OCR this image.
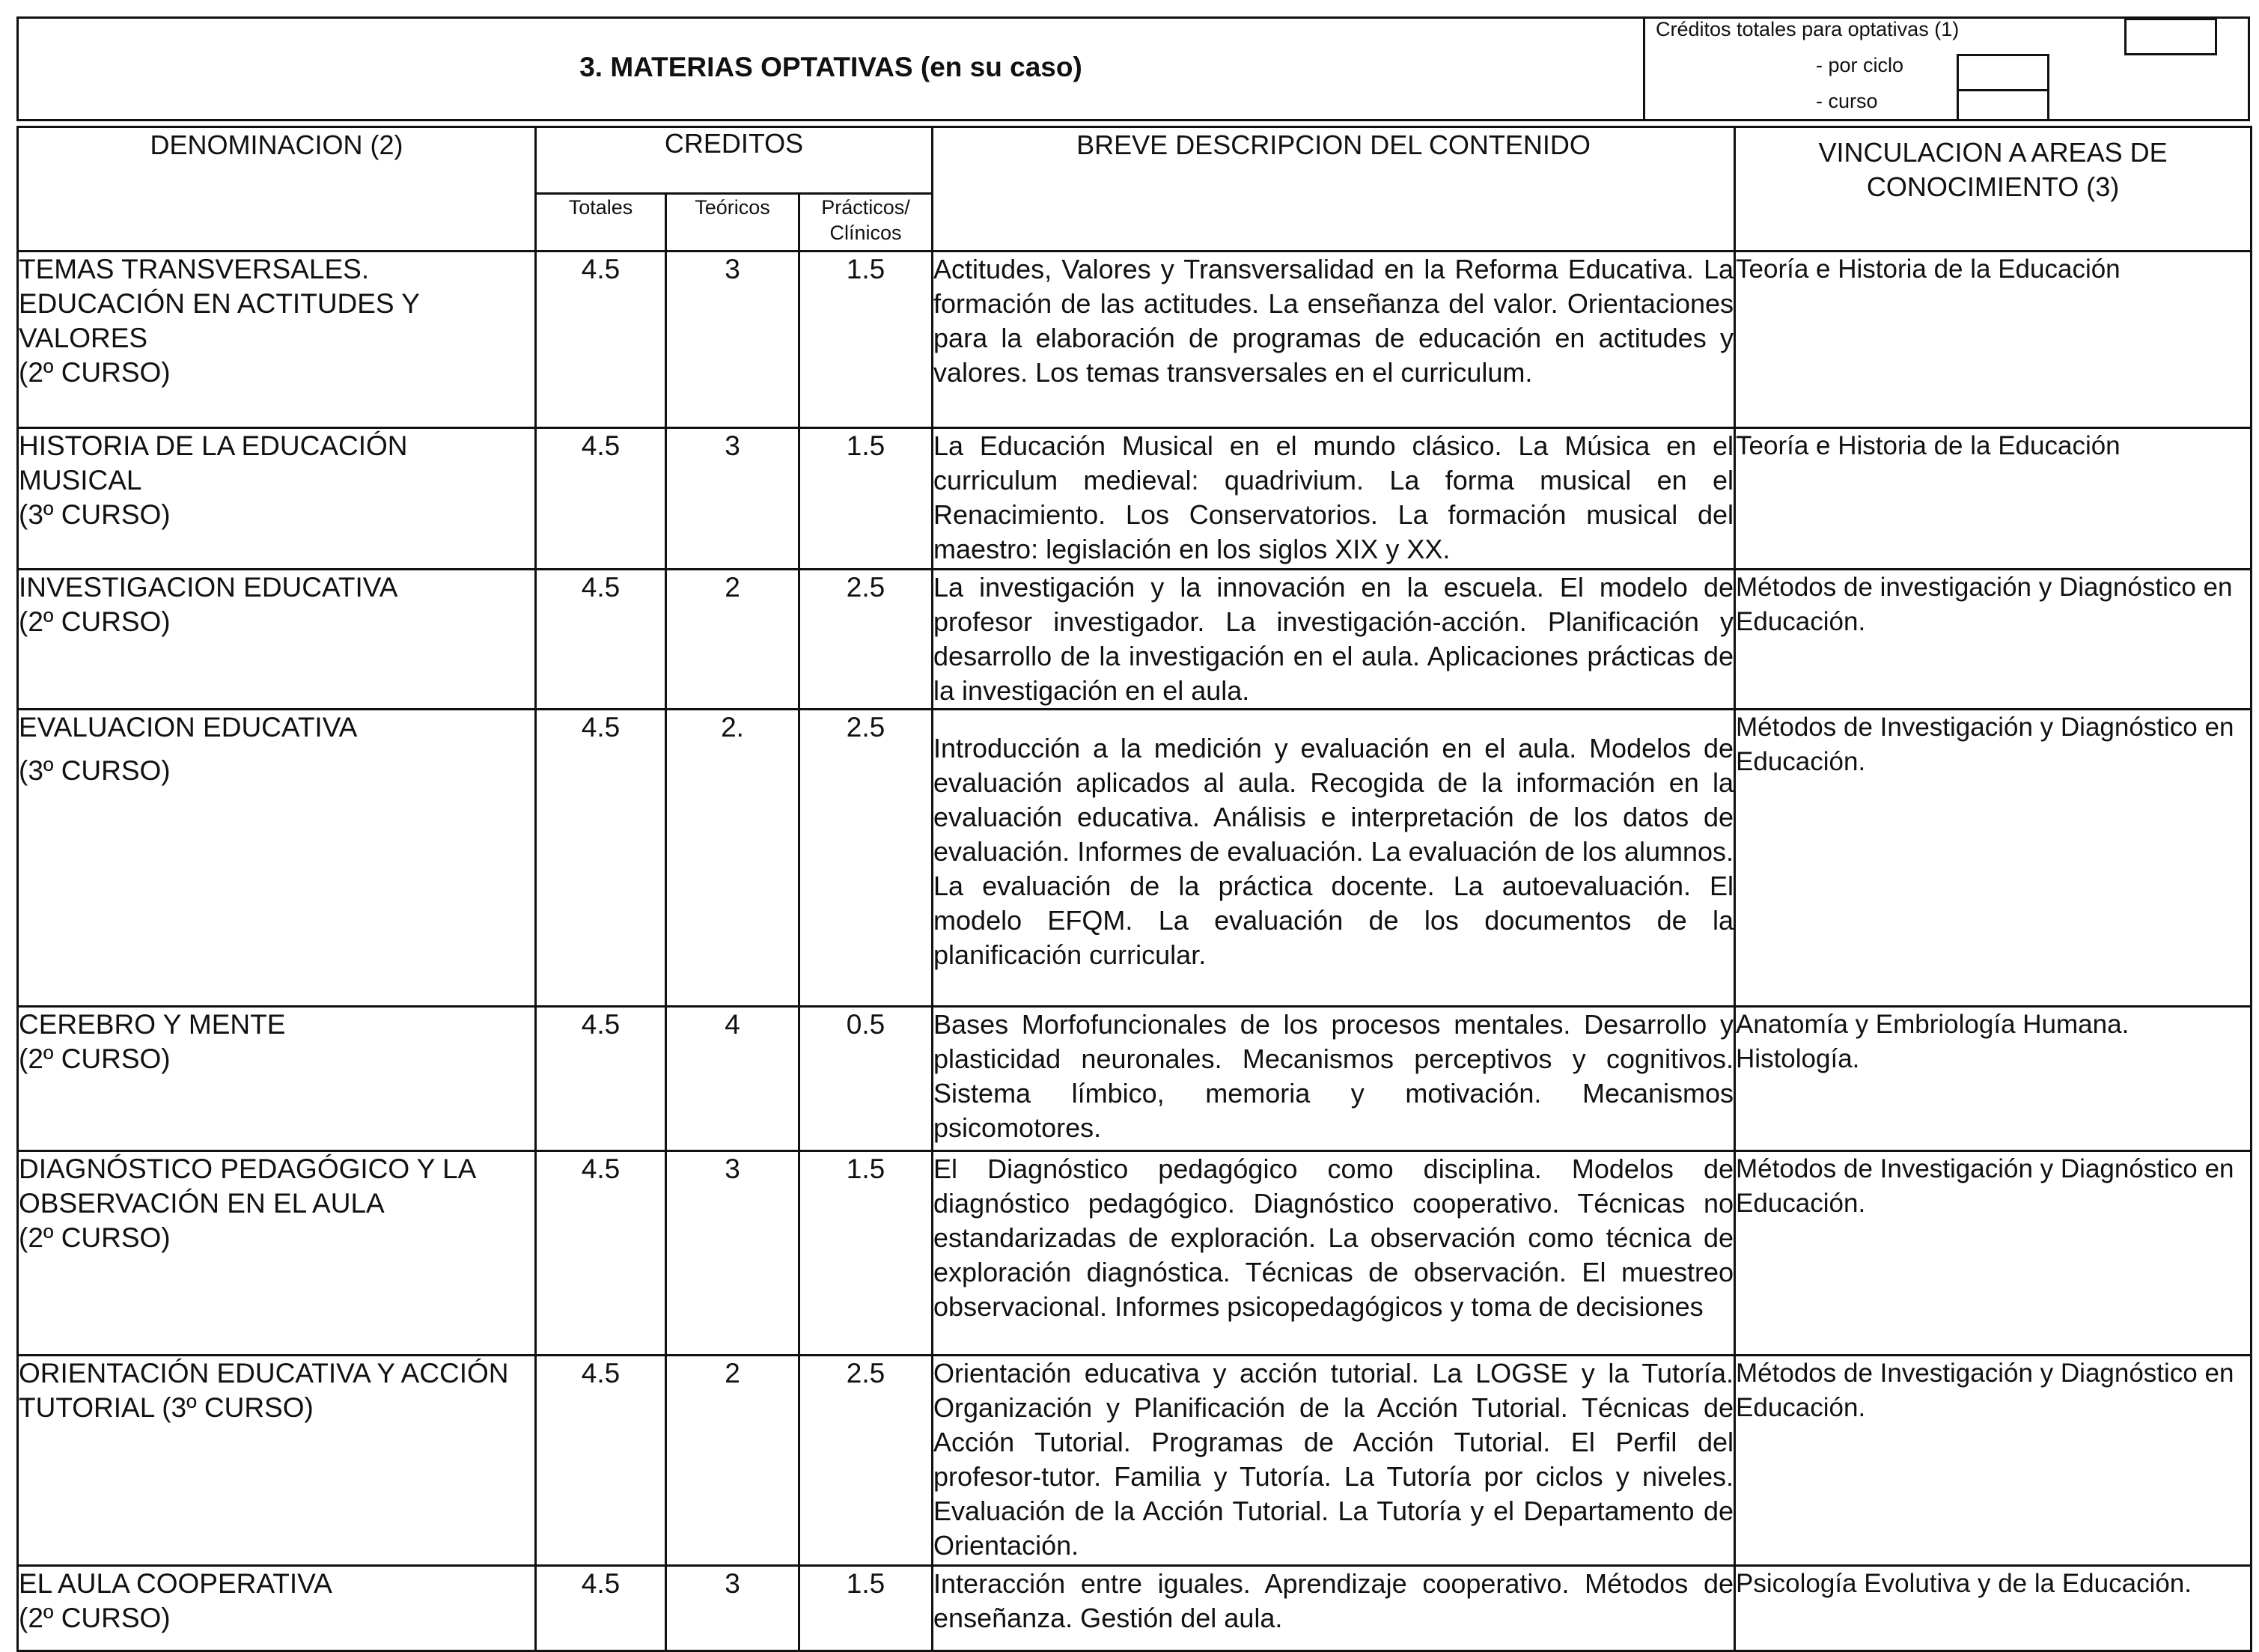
3. MATERIAS OPTATIVAS (en su caso)
Créditos totales para optativas (1)
- por ciclo
- curso
DENOMINACION (2)	CREDITOS			BREVE DESCRIPCION DEL CONTENIDO	VINCULACION A AREAS DE CONOCIMIENTO (3)
	Totales	Teóricos	Prácticos/ Clínicos		

TEMAS TRANSVERSALES. EDUCACIÓN EN ACTITUDES Y VALORES
(2º CURSO)	4.5	3	1.5	Actitudes, Valores y Transversalidad en la Reforma Educativa. La formación de las actitudes. La enseñanza del valor. Orientaciones para la elaboración de programas de educación en actitudes y valores. Los temas transversales en el curriculum.	Teoría e Historia de la Educación

HISTORIA DE LA EDUCACIÓN MUSICAL
(3º CURSO)	4.5	3	1.5	La Educación Musical en el mundo clásico. La Música en el curriculum medieval: quadrivium. La forma musical en el Renacimiento. Los Conservatorios. La formación musical del maestro: legislación en los siglos XIX y XX.	Teoría e Historia de la Educación

INVESTIGACION EDUCATIVA
(2º CURSO)	4.5	2	2.5	La investigación y la innovación en la escuela. El modelo de profesor investigador. La investigación-acción. Planificación y desarrollo de la investigación en el aula. Aplicaciones prácticas de la investigación en el aula.	Métodos de investigación y Diagnóstico en Educación.

EVALUACION EDUCATIVA
(3º CURSO)	4.5	2.	2.5	Introducción a la medición y evaluación en el aula. Modelos de evaluación aplicados al aula. Recogida de la información en la evaluación educativa. Análisis e interpretación de los datos de evaluación. Informes de evaluación. La evaluación de los alumnos. La evaluación de la práctica docente. La autoevaluación. El modelo EFQM. La evaluación de los documentos de la planificación curricular.	Métodos de Investigación y Diagnóstico en Educación.

CEREBRO Y MENTE
(2º CURSO)	4.5	4	0.5	Bases Morfofuncionales de los procesos mentales. Desarrollo y plasticidad neuronales. Mecanismos perceptivos y cognitivos. Sistema límbico, memoria y motivación. Mecanismos psicomotores.	Anatomía y Embriología Humana. Histología.

DIAGNÓSTICO PEDAGÓGICO Y LA OBSERVACIÓN EN EL AULA
(2º CURSO)	4.5	3	1.5	El Diagnóstico pedagógico como disciplina. Modelos de diagnóstico pedagógico. Diagnóstico cooperativo. Técnicas no estandarizadas de exploración. La observación como técnica de exploración diagnóstica. Técnicas de observación. El muestreo observacional. Informes psicopedagógicos y toma de decisiones	Métodos de Investigación y Diagnóstico en Educación.
ORIENTACIÓN EDUCATIVA Y ACCIÓN TUTORIAL (3º CURSO)	4.5	2	2.5	Orientación educativa y acción tutorial. La LOGSE y la Tutoría. Organización y Planificación de la Acción Tutorial. Técnicas de Acción Tutorial. Programas de Acción Tutorial. El Perfil del profesor-tutor. Familia y Tutoría. La Tutoría por ciclos y niveles. Evaluación de la Acción Tutorial. La Tutoría y el Departamento de Orientación.	Métodos de Investigación y Diagnóstico en Educación.

EL AULA COOPERATIVA
(2º CURSO)	4.5	3	1.5	Interacción entre iguales. Aprendizaje cooperativo. Métodos de enseñanza. Gestión del aula.	Psicología Evolutiva y de la Educación.
